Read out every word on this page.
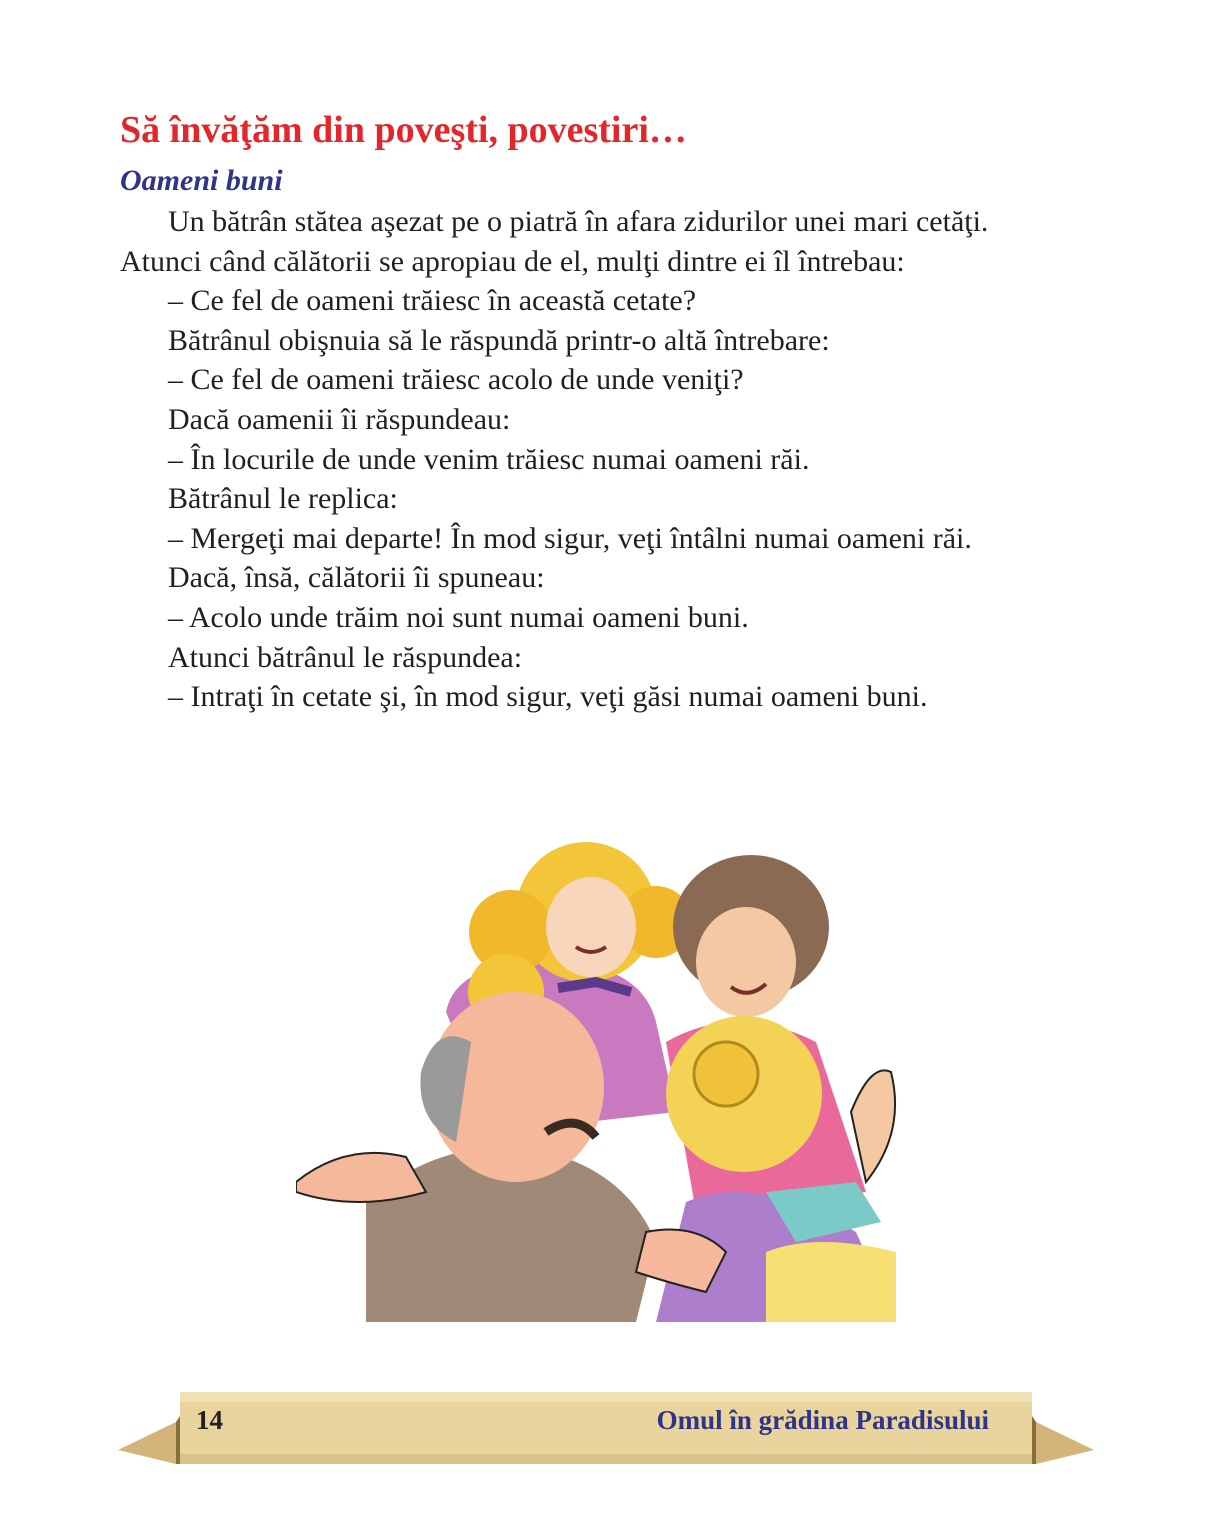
Să învăţăm din poveşti, povestiri…
Oameni buni
Un bătrân stătea aşezat pe o piatră în afara zidurilor unei mari cetăţi.
Atunci când călătorii se apropiau de el, mulţi dintre ei îl întrebau:
– Ce fel de oameni trăiesc în această cetate?
Bătrânul obişnuia să le răspundă printr-o altă întrebare:
– Ce fel de oameni trăiesc acolo de unde veniţi?
Dacă oamenii îi răspundeau:
– În locurile de unde venim trăiesc numai oameni răi.
Bătrânul le replica:
– Mergeţi mai departe! În mod sigur, veţi întâlni numai oameni răi.
Dacă, însă, călătorii îi spuneau:
– Acolo unde trăim noi sunt numai oameni buni.
Atunci bătrânul le răspundea:
– Intraţi în cetate şi, în mod sigur, veţi găsi numai oameni buni.
14	Omul în grădina Paradisului
